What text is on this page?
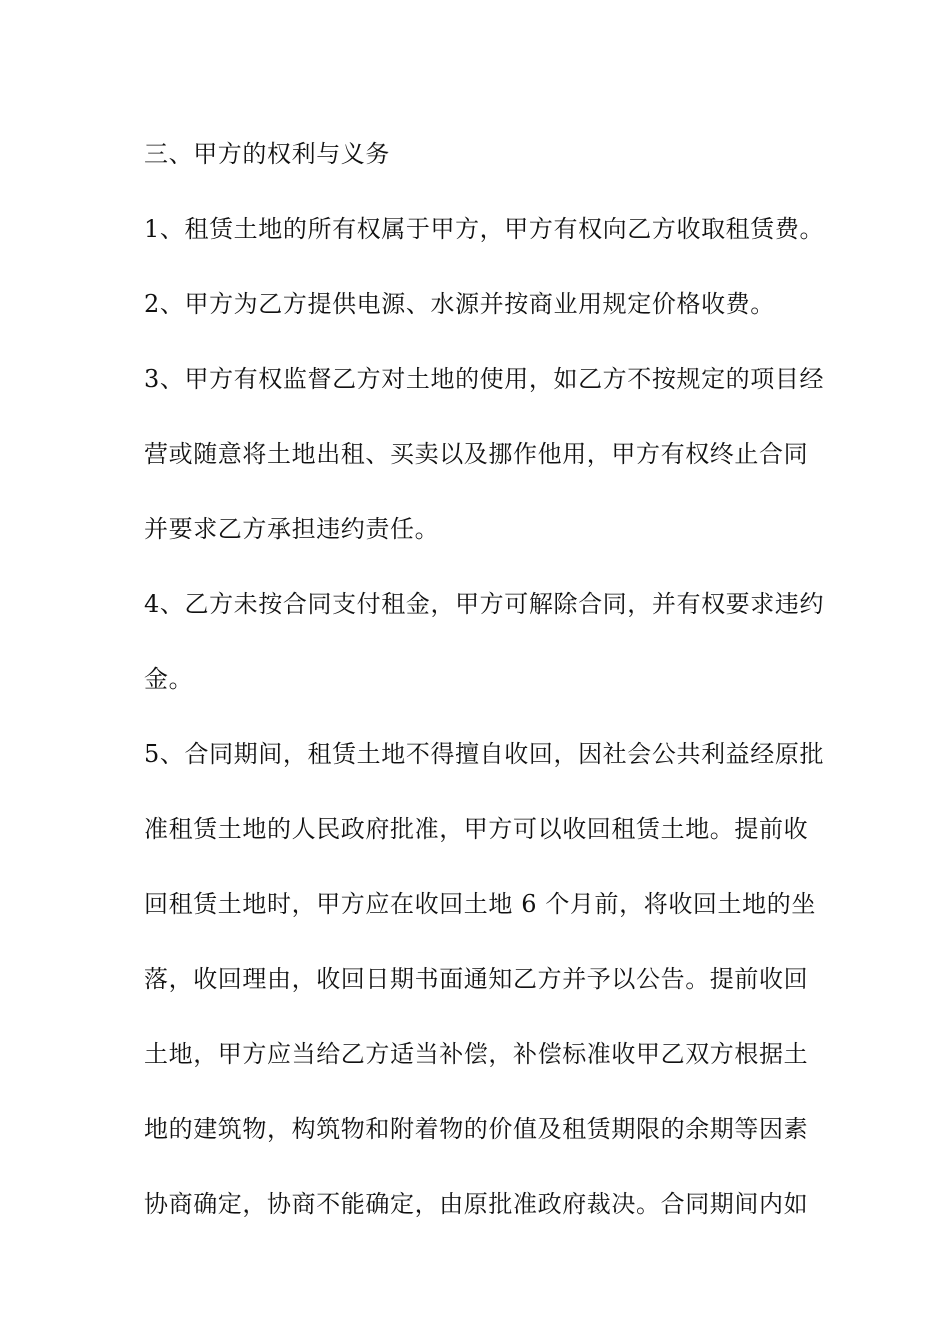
三、甲方的权利与义务
1、租赁土地的所有权属于甲方，甲方有权向乙方收取租赁费。
2、甲方为乙方提供电源、水源并按商业用规定价格收费。
3、甲方有权监督乙方对土地的使用，如乙方不按规定的项目经
营或随意将土地出租、买卖以及挪作他用，甲方有权终止合同
并要求乙方承担违约责任。
4、乙方未按合同支付租金，甲方可解除合同，并有权要求违约
金。
5、合同期间，租赁土地不得擅自收回，因社会公共利益经原批
准租赁土地的人民政府批准，甲方可以收回租赁土地。提前收
回租赁土地时，甲方应在收回土地 6 个月前，将收回土地的坐
落，收回理由，收回日期书面通知乙方并予以公告。提前收回
土地，甲方应当给乙方适当补偿，补偿标准收甲乙双方根据土
地的建筑物，构筑物和附着物的价值及租赁期限的余期等因素
协商确定，协商不能确定，由原批准政府裁决。合同期间内如
